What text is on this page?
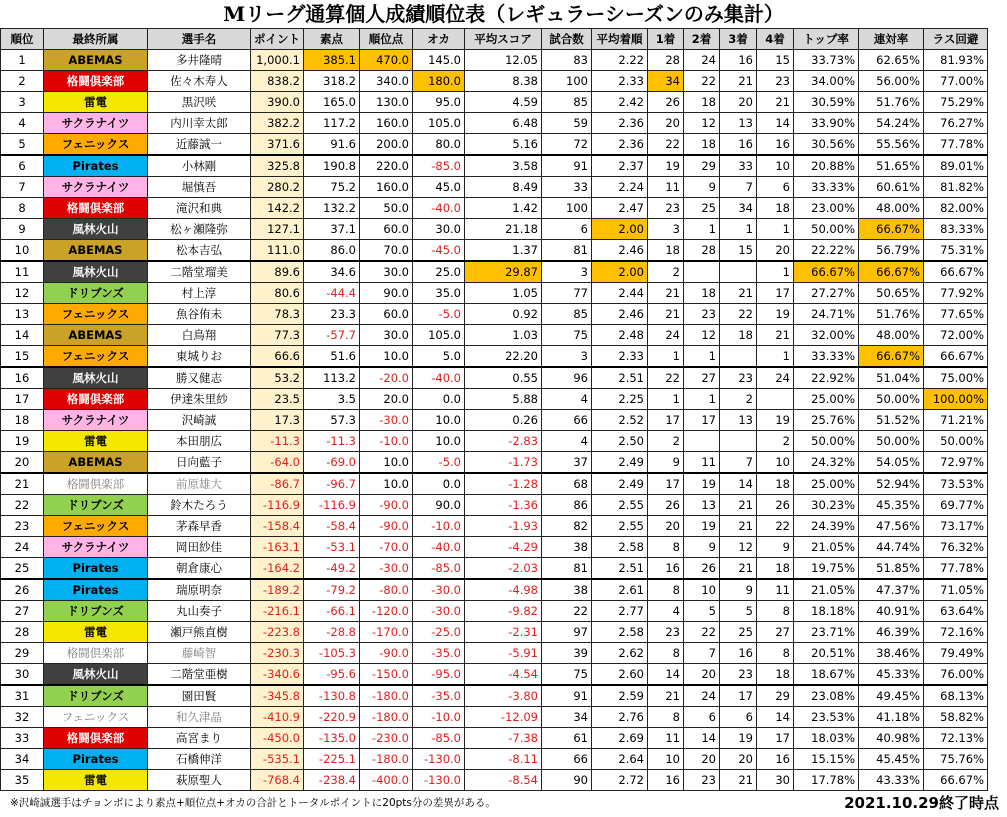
Mリーグ通算個人成績順位表（レギュラーシーズンのみ集計）
順位	最終所属	選手名	ポイント	素点	順位点	オカ	平均スコア	試合数	平均着順	1着	2着	3着	4着	トップ率	連対率	ラス回避
1	ABEMAS	多井隆晴	1,000.1	385.1	470.0	145.0	12.05	83	2.22	28	24	16	15	33.73%	62.65%	81.93%
2	格闘倶楽部	佐々木寿人	838.2	318.2	340.0	180.0	8.38	100	2.33	34	22	21	23	34.00%	56.00%	77.00%
3	雷電	黒沢咲	390.0	165.0	130.0	95.0	4.59	85	2.42	26	18	20	21	30.59%	51.76%	75.29%
4	サクラナイツ	内川幸太郎	382.2	117.2	160.0	105.0	6.48	59	2.36	20	12	13	14	33.90%	54.24%	76.27%
5	フェニックス	近藤誠一	371.6	91.6	200.0	80.0	5.16	72	2.36	22	18	16	16	30.56%	55.56%	77.78%
6	Pirates	小林剛	325.8	190.8	220.0	-85.0	3.58	91	2.37	19	29	33	10	20.88%	51.65%	89.01%
7	サクラナイツ	堀慎吾	280.2	75.2	160.0	45.0	8.49	33	2.24	11	9	7	6	33.33%	60.61%	81.82%
8	格闘倶楽部	滝沢和典	142.2	132.2	50.0	-40.0	1.42	100	2.47	23	25	34	18	23.00%	48.00%	82.00%
9	風林火山	松ヶ瀬隆弥	127.1	37.1	60.0	30.0	21.18	6	2.00	3	1	1	1	50.00%	66.67%	83.33%
10	ABEMAS	松本吉弘	111.0	86.0	70.0	-45.0	1.37	81	2.46	18	28	15	20	22.22%	56.79%	75.31%
11	風林火山	二階堂瑠美	89.6	34.6	30.0	25.0	29.87	3	2.00	2			1	66.67%	66.67%	66.67%
12	ドリブンズ	村上淳	80.6	-44.4	90.0	35.0	1.05	77	2.44	21	18	21	17	27.27%	50.65%	77.92%
13	フェニックス	魚谷侑未	78.3	23.3	60.0	-5.0	0.92	85	2.46	21	23	22	19	24.71%	51.76%	77.65%
14	ABEMAS	白鳥翔	77.3	-57.7	30.0	105.0	1.03	75	2.48	24	12	18	21	32.00%	48.00%	72.00%
15	フェニックス	東城りお	66.6	51.6	10.0	5.0	22.20	3	2.33	1	1		1	33.33%	66.67%	66.67%
16	風林火山	勝又健志	53.2	113.2	-20.0	-40.0	0.55	96	2.51	22	27	23	24	22.92%	51.04%	75.00%
17	格闘倶楽部	伊達朱里紗	23.5	3.5	20.0	0.0	5.88	4	2.25	1	1	2		25.00%	50.00%	100.00%
18	サクラナイツ	沢崎誠	17.3	57.3	-30.0	10.0	0.26	66	2.52	17	17	13	19	25.76%	51.52%	71.21%
19	雷電	本田朋広	-11.3	-11.3	-10.0	10.0	-2.83	4	2.50	2			2	50.00%	50.00%	50.00%
20	ABEMAS	日向藍子	-64.0	-69.0	10.0	-5.0	-1.73	37	2.49	9	11	7	10	24.32%	54.05%	72.97%
21	格闘倶楽部	前原雄大	-86.7	-96.7	10.0	0.0	-1.28	68	2.49	17	19	14	18	25.00%	52.94%	73.53%
22	ドリブンズ	鈴木たろう	-116.9	-116.9	-90.0	90.0	-1.36	86	2.55	26	13	21	26	30.23%	45.35%	69.77%
23	フェニックス	茅森早香	-158.4	-58.4	-90.0	-10.0	-1.93	82	2.55	20	19	21	22	24.39%	47.56%	73.17%
24	サクラナイツ	岡田紗佳	-163.1	-53.1	-70.0	-40.0	-4.29	38	2.58	8	9	12	9	21.05%	44.74%	76.32%
25	Pirates	朝倉康心	-164.2	-49.2	-30.0	-85.0	-2.03	81	2.51	16	26	21	18	19.75%	51.85%	77.78%
26	Pirates	瑞原明奈	-189.2	-79.2	-80.0	-30.0	-4.98	38	2.61	8	10	9	11	21.05%	47.37%	71.05%
27	ドリブンズ	丸山奏子	-216.1	-66.1	-120.0	-30.0	-9.82	22	2.77	4	5	5	8	18.18%	40.91%	63.64%
28	雷電	瀬戸熊直樹	-223.8	-28.8	-170.0	-25.0	-2.31	97	2.58	23	22	25	27	23.71%	46.39%	72.16%
29	格闘倶楽部	藤崎智	-230.3	-105.3	-90.0	-35.0	-5.91	39	2.62	8	7	16	8	20.51%	38.46%	79.49%
30	風林火山	二階堂亜樹	-340.6	-95.6	-150.0	-95.0	-4.54	75	2.60	14	20	23	18	18.67%	45.33%	76.00%
31	ドリブンズ	園田賢	-345.8	-130.8	-180.0	-35.0	-3.80	91	2.59	21	24	17	29	23.08%	49.45%	68.13%
32	フェニックス	和久津晶	-410.9	-220.9	-180.0	-10.0	-12.09	34	2.76	8	6	6	14	23.53%	41.18%	58.82%
33	格闘倶楽部	高宮まり	-450.0	-135.0	-230.0	-85.0	-7.38	61	2.69	11	14	19	17	18.03%	40.98%	72.13%
34	Pirates	石橋伸洋	-535.1	-225.1	-180.0	-130.0	-8.11	66	2.64	10	20	20	16	15.15%	45.45%	75.76%
35	雷電	萩原聖人	-768.4	-238.4	-400.0	-130.0	-8.54	90	2.72	16	23	21	30	17.78%	43.33%	66.67%
※沢崎誠選手はチョンボにより素点+順位点+オカの合計とトータルポイントに20pts分の差異がある。	2021.10.29終了時点
